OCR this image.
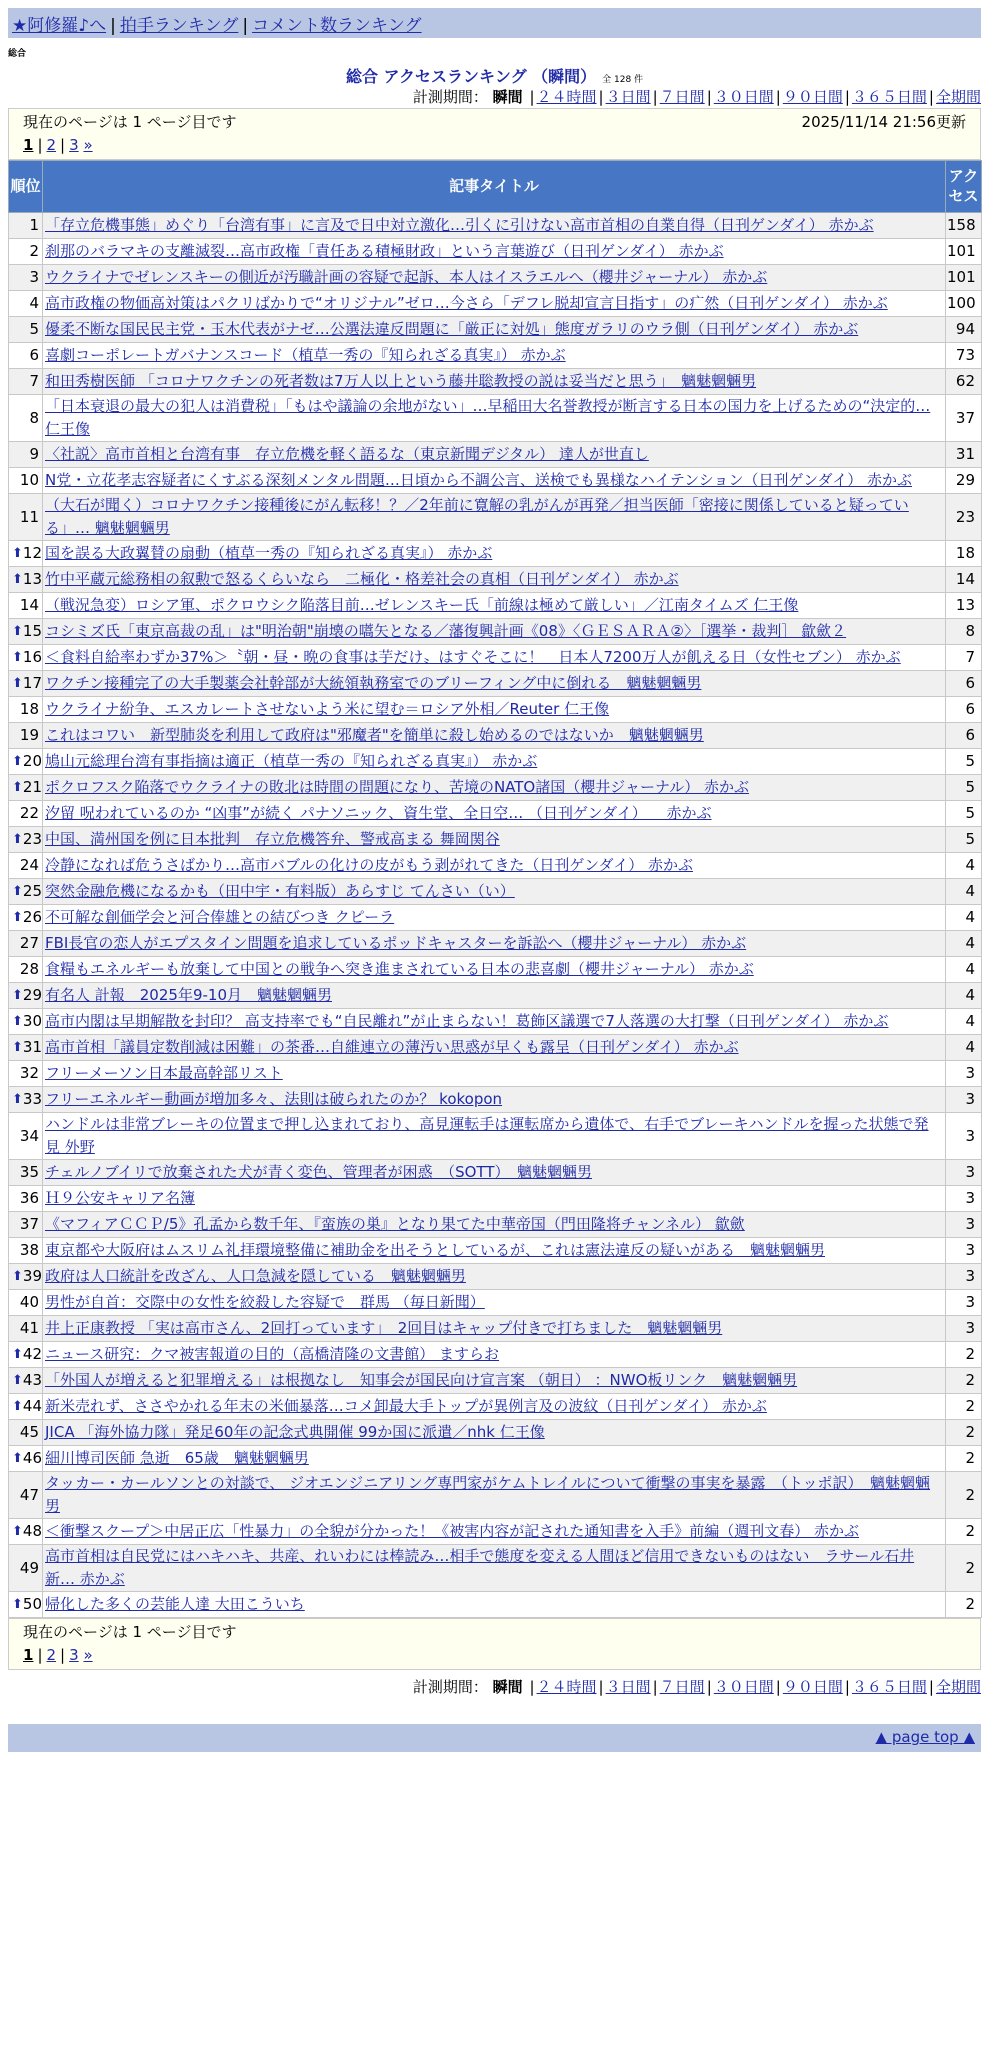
★阿修羅♪へ | 拍手ランキング | コメント数ランキング
総合
総合 アクセスランキング （瞬間） 全 128 件
計測期間： 瞬間 | ２４時間 | ３日間 | ７日間 | ３０日間 | ９０日間 | ３６５日間 | 全期間
現在のページは 1 ページ目です	2025/11/14 21:56更新
1 | 2 | 3 »
順位	記事タイトル	アクセス
1	「存立危機事態」めぐり「台湾有事」に言及で日中対立激化…引くに引けない高市首相の自業自得（日刊ゲンダイ） 赤かぶ	158
2	刹那のバラマキの支離滅裂…高市政権「責任ある積極財政」という言葉遊び（日刊ゲンダイ） 赤かぶ	101
3	ウクライナでゼレンスキーの側近が汚職計画の容疑で起訴、本人はイスラエルへ（櫻井ジャーナル） 赤かぶ	101
4	高市政権の物価高対策はパクリばかりで“オリジナル”ゼロ…今さら「デフレ脱却宣言目指す」の疒然（日刊ゲンダイ） 赤かぶ	100
5	優柔不断な国民民主党・玉木代表がナゼ…公選法違反問題に「厳正に対処」態度ガラリのウラ側（日刊ゲンダイ） 赤かぶ	94
6	喜劇コーポレートガバナンスコード（植草一秀の『知られざる真実』） 赤かぶ	73
7	和田秀樹医師 「コロナワクチンの死者数は7万人以上という藤井聡教授の説は妥当だと思う」　魑魅魍魎男	62
8	「日本衰退の最大の犯人は消費税」「もはや議論の余地がない」…早稲田大名誉教授が断言する日本の国力を上げるための“決定的… 仁王像	37
9	〈社説〉高市首相と台湾有事　存立危機を軽く語るな（東京新聞デジタル） 達人が世直し	31
10	N党・立花孝志容疑者にくすぶる深刻メンタル問題…日頃から不調公言、送検でも異様なハイテンション（日刊ゲンダイ） 赤かぶ	29
11	（大石が聞く）コロナワクチン接種後にがん転移！？／2年前に寛解の乳がんが再発／担当医師「密接に関係していると疑っている」… 魑魅魍魎男	23

⬆ 12	国を誤る大政翼賛の扇動（植草一秀の『知られざる真実』） 赤かぶ	18

⬆ 13	竹中平蔵元総務相の叙勲で怒るくらいなら　二極化・格差社会の真相（日刊ゲンダイ） 赤かぶ	14
14	（戦況急変）ロシア軍、ポクロウシク陥落目前…ゼレンスキー氏「前線は極めて厳しい」／江南タイムズ 仁王像	13

⬆ 15	コシミズ氏「東京高裁の乱」は"明治朝"崩壊の嚆矢となる／藩復興計画《08》〈ＧＥＳＡＲＡ②〉［選挙・裁判］ 歙歛２	8

⬆ 16	＜食料自給率わずか37%＞〝朝・昼・晩の食事は芋だけ〟はすぐそこに！　日本人7200万人が飢える日（女性セブン） 赤かぶ	7

⬆ 17	ワクチン接種完了の大手製薬会社幹部が大統領執務室でのブリーフィング中に倒れる　魑魅魍魎男	6
18	ウクライナ紛争、エスカレートさせないよう米に望む＝ロシア外相／Reuter 仁王像	6
19	これはコワい　新型肺炎を利用して政府は"邪魔者"を簡単に殺し始めるのではないか　魑魅魍魎男	6

⬆ 20	鳩山元総理台湾有事指摘は適正（植草一秀の『知られざる真実』） 赤かぶ	5

⬆ 21	ポクロフスク陥落でウクライナの敗北は時間の問題になり、苦境のNATO諸国（櫻井ジャーナル） 赤かぶ	5
22	汐留 呪われているのか “凶事”が続く パナソニック、資生堂、全日空… （日刊ゲンダイ） 　赤かぶ	5

⬆ 23	中国、満州国を例に日本批判　存立危機答弁、警戒高まる 舞岡関谷	5
24	冷静になれば危うさばかり…高市バブルの化けの皮がもう剥がれてきた（日刊ゲンダイ） 赤かぶ	4

⬆ 25	突然金融危機になるかも（田中宇・有料版）あらすじ てんさい（い）	4

⬆ 26	不可解な創価学会と河合俸雄との結びつき クピーラ	4
27	FBI長官の恋人がエプスタイン問題を追求しているポッドキャスターを訴訟へ（櫻井ジャーナル） 赤かぶ	4
28	食糧もエネルギーも放棄して中国との戦争へ突き進まされている日本の悲喜劇（櫻井ジャーナル） 赤かぶ	4

⬆ 29	有名人 計報　2025年9-10月　魑魅魍魎男	4

⬆ 30	高市内閣は早期解散を封印？ 高支持率でも“自民離れ”が止まらない！葛飾区議選で7人落選の大打撃（日刊ゲンダイ） 赤かぶ	4

⬆ 31	高市首相「議員定数削減は困難」の茶番…自維連立の薄汚い思惑が早くも露呈（日刊ゲンダイ） 赤かぶ	4
32	フリーメーソン日本最高幹部リスト	3

⬆ 33	フリーエネルギー動画が増加多々、法則は破られたのか？ kokopon	3
34	ハンドルは非常ブレーキの位置まで押し込まれており、高見運転手は運転席から遺体で、右手でブレーキハンドルを握った状態で発見 外野	3
35	チェルノブイリで放棄された犬が青く変色、管理者が困惑　（SOTT）　魑魅魍魎男	3
36	Ｈ９公安キャリア名簿	3
37	《マフィアＣＣＰ/5》孔孟から数千年、『蛮族の巣』となり果てた中華帝国（門田隆将チャンネル） 歙歛	3
38	東京都や大阪府はムスリム礼拝環境整備に補助金を出そうとしているが、これは憲法違反の疑いがある　魑魅魍魎男	3

⬆ 39	政府は人口統計を改ざん、人口急減を隠している　魑魅魍魎男	3
40	男性が自首：交際中の女性を絞殺した容疑で　群馬 （毎日新聞）	3
41	井上正康教授 「実は高市さん、2回打っています」　2回目はキャップ付きで打ちました　魑魅魍魎男	3

⬆ 42	ニュース研究：クマ被害報道の目的（高橋清隆の文書館） ますらお	2

⬆ 43	「外国人が増えると犯罪増える」は根拠なし　知事会が国民向け宣言案 （朝日） ：NWO板リンク　魑魅魍魎男	2

⬆ 44	新米売れず、ささやかれる年末の米価暴落…コメ卸最大手トップが異例言及の波紋（日刊ゲンダイ） 赤かぶ	2
45	JICA 「海外協力隊」発足60年の記念式典開催 99か国に派遣／nhk 仁王像	2

⬆ 46	細川博司医師 急逝　65歳　魑魅魍魎男	2
47	タッカー・カールソンとの対談で、 ジオエンジニアリング専門家がケムトレイルについて衝撃の事実を暴露　（トッポ訳）　魑魅魍魎男	2

⬆ 48	＜衝撃スクープ＞中居正広「性暴力」の全貌が分かった！《被害内容が記された通知書を入手》前編（週刊文春） 赤かぶ	2
49	高市首相は自民党にはハキハキ、共産、れいわには棒読み…相手で態度を変える人間ほど信用できないものはない　ラサール石井 新… 赤かぶ	2

⬆ 50	帰化した多くの芸能人達 大田こういち	2
現在のページは 1 ページ目です
1 | 2 | 3 »
計測期間： 瞬間 | ２４時間 | ３日間 | ７日間 | ３０日間 | ９０日間 | ３６５日間 | 全期間
▲ page top ▲
